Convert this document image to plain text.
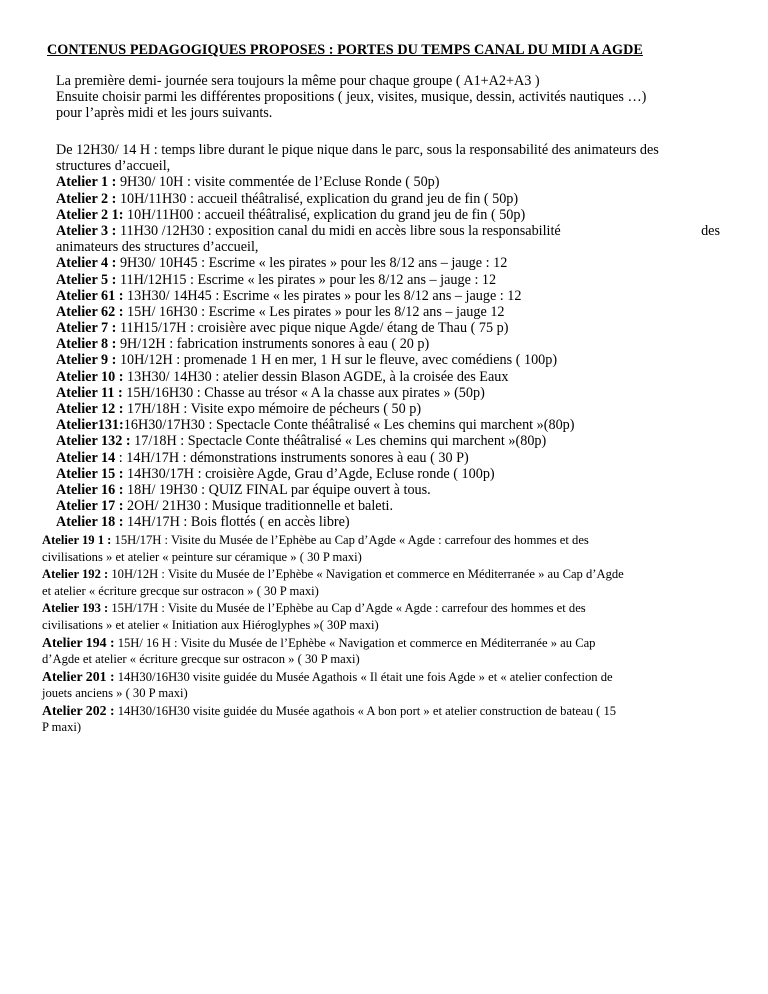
CONTENUS PEDAGOGIQUES PROPOSES : PORTES DU TEMPS CANAL DU MIDI A AGDE
La première demi- journée sera toujours la même pour chaque groupe ( A1+A2+A3 )
Ensuite choisir parmi les différentes propositions ( jeux, visites, musique, dessin, activités nautiques …)
pour l’après midi et les jours suivants.
De 12H30/ 14 H : temps libre durant le pique nique dans le parc, sous la responsabilité des animateurs des
structures d’accueil,
Atelier 1 : 9H30/ 10H : visite commentée de l’Ecluse Ronde ( 50p)
Atelier 2 : 10H/11H30 : accueil théâtralisé, explication du grand jeu de fin ( 50p)
Atelier 2 1: 10H/11H00 : accueil théâtralisé, explication du grand jeu de fin ( 50p)
Atelier 3 : 11H30 /12H30 : exposition canal du midi en accès libre sous la responsabilité	des
animateurs des structures d’accueil,
Atelier 4 : 9H30/ 10H45 : Escrime « les pirates » pour les 8/12 ans – jauge : 12
Atelier 5 : 11H/12H15 : Escrime « les pirates » pour les 8/12 ans – jauge : 12
Atelier 61 : 13H30/ 14H45 : Escrime « les pirates » pour les 8/12 ans – jauge : 12
Atelier 62 : 15H/ 16H30 : Escrime « Les pirates » pour les 8/12 ans – jauge 12
Atelier 7 : 11H15/17H : croisière avec pique nique Agde/ étang de Thau ( 75 p)
Atelier 8 : 9H/12H : fabrication instruments sonores à eau ( 20 p)
Atelier 9 : 10H/12H : promenade 1 H en mer, 1 H sur le fleuve, avec comédiens ( 100p)
Atelier 10 : 13H30/ 14H30 : atelier dessin Blason AGDE, à la croisée des Eaux
Atelier 11 : 15H/16H30 : Chasse au trésor « A la chasse aux pirates » (50p)
Atelier 12 : 17H/18H : Visite expo mémoire de pécheurs ( 50 p)
Atelier131:16H30/17H30 : Spectacle Conte théâtralisé « Les chemins qui marchent »(80p)
Atelier 132 : 17/18H : Spectacle Conte théâtralisé « Les chemins qui marchent »(80p)
Atelier 14 : 14H/17H : démonstrations instruments sonores à eau ( 30 P)
Atelier 15 : 14H30/17H : croisière Agde, Grau d’Agde, Ecluse ronde ( 100p)
Atelier 16 : 18H/ 19H30 : QUIZ FINAL par équipe ouvert à tous.
Atelier 17 : 2OH/ 21H30 : Musique traditionnelle et baleti.
Atelier 18 : 14H/17H : Bois flottés ( en accès libre)
Atelier 19 1 : 15H/17H : Visite du Musée de l’Ephèbe au Cap d’Agde « Agde : carrefour des hommes et des
civilisations » et atelier « peinture sur céramique » ( 30 P maxi)
Atelier 192 : 10H/12H : Visite du Musée de l’Ephèbe « Navigation et commerce en Méditerranée » au Cap d’Agde
et atelier « écriture grecque sur ostracon » ( 30 P maxi)
Atelier 193 : 15H/17H : Visite du Musée de l’Ephèbe au Cap d’Agde « Agde : carrefour des hommes et des
civilisations » et atelier « Initiation aux Hiéroglyphes »( 30P maxi)
Atelier 194 : 15H/ 16 H : Visite du Musée de l’Ephèbe « Navigation et commerce en Méditerranée » au Cap
d’Agde et atelier « écriture grecque sur ostracon » ( 30 P maxi)
Atelier 201 : 14H30/16H30 visite guidée du Musée Agathois « Il était une fois Agde » et « atelier confection de
jouets anciens » ( 30 P maxi)
Atelier 202 : 14H30/16H30 visite guidée du Musée agathois « A bon port » et atelier construction de bateau ( 15
P maxi)
